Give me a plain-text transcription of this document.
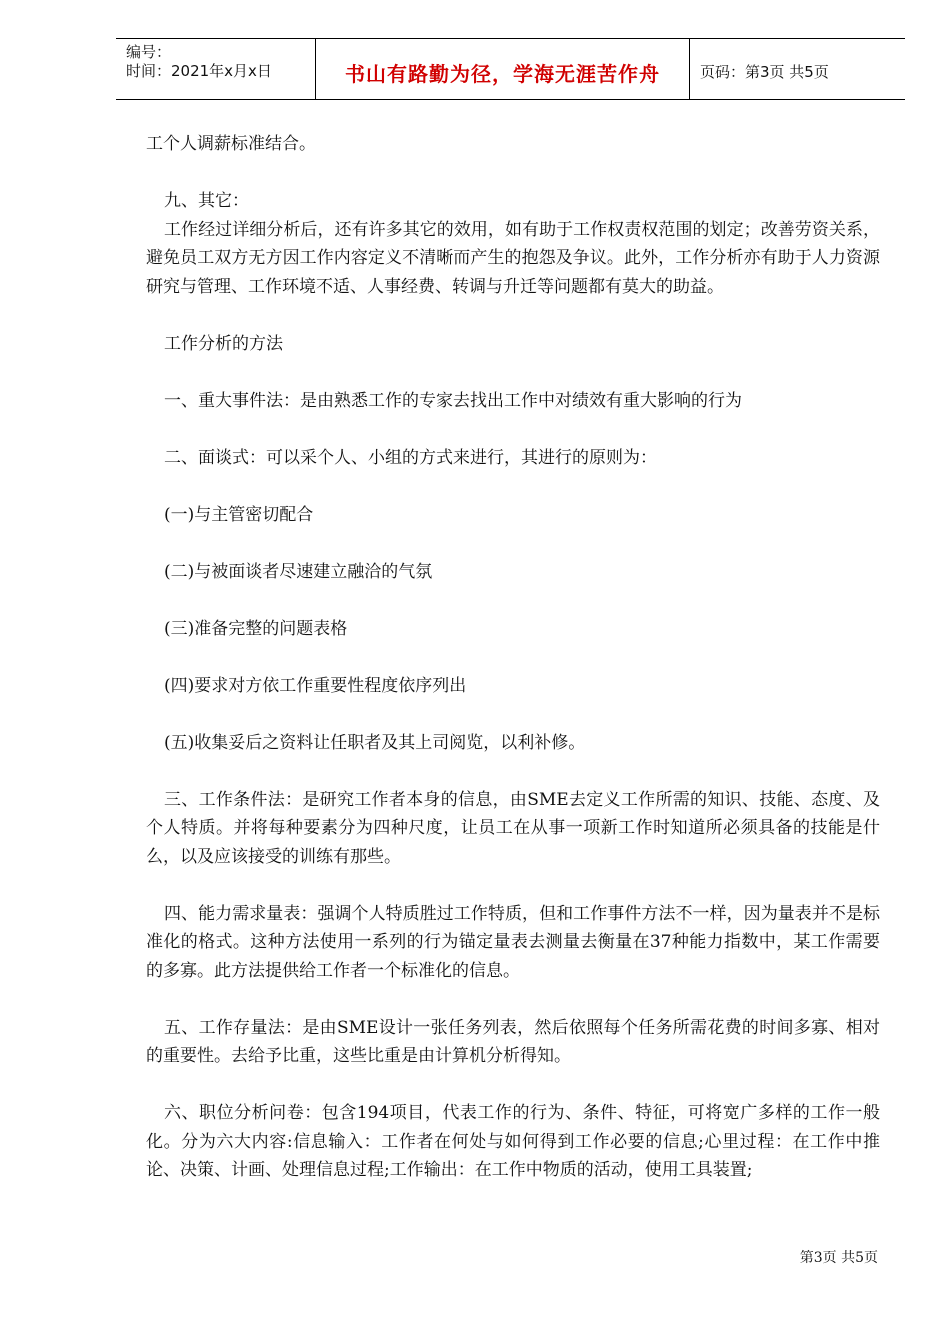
编号：
时间：2021年x月x日	书山有路勤为径，学海无涯苦作舟	页码：第3页 共5页

工个人调薪标准结合。

九、其它：

工作经过详细分析后，还有许多其它的效用，如有助于工作权责权范围的划定；改善劳资关系，避免员工双方无方因工作内容定义不清晰而产生的抱怨及争议。此外，工作分析亦有助于人力资源研究与管理、工作环境不适、人事经费、转调与升迁等问题都有莫大的助益。

工作分析的方法

一、重大事件法：是由熟悉工作的专家去找出工作中对绩效有重大影响的行为

二、面谈式：可以采个人、小组的方式来进行，其进行的原则为：

(一)与主管密切配合

(二)与被面谈者尽速建立融洽的气氛

(三)准备完整的问题表格

(四)要求对方依工作重要性程度依序列出

(五)收集妥后之资料让任职者及其上司阅览，以利补修。

三、工作条件法：是研究工作者本身的信息，由SME去定义工作所需的知识、技能、态度、及个人特质。并将每种要素分为四种尺度，让员工在从事一项新工作时知道所必须具备的技能是什么，以及应该接受的训练有那些。

四、能力需求量表：强调个人特质胜过工作特质，但和工作事件方法不一样，因为量表并不是标准化的格式。这种方法使用一系列的行为锚定量表去测量去衡量在37种能力指数中，某工作需要的多寡。此方法提供给工作者一个标准化的信息。

五、工作存量法：是由SME设计一张任务列表，然后依照每个任务所需花费的时间多寡、相对的重要性。去给予比重，这些比重是由计算机分析得知。

六、职位分析问卷：包含194项目，代表工作的行为、条件、特征，可将宽广多样的工作一般化。分为六大内容:信息输入：工作者在何处与如何得到工作必要的信息;心里过程：在工作中推论、决策、计画、处理信息过程;工作输出：在工作中物质的活动，使用工具装置;

第3页 共5页
